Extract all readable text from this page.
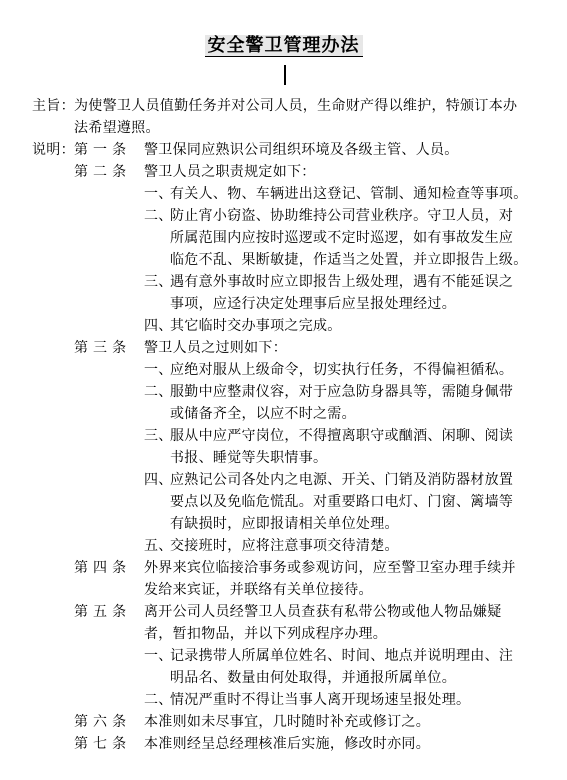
安全警卫管理办法
主旨： 为使警卫人员值勤任务并对公司人员，生命财产得以维护，特颁订本办
法希望遵照。
说明： 第 一 条 警卫保同应熟识公司组织环境及各级主管、人员。
第 二 条 警卫人员之职责规定如下：
一、
有关人、物、车辆进出这登记、管制、通知检查等事项。
二、
防止宵小窃盗、协助维持公司营业秩序。守卫人员，对
所属范围内应按时巡逻或不定时巡逻，如有事故发生应
临危不乱、果断敏捷，作适当之处置，并立即报告上级。
三、
遇有意外事故时应立即报告上级处理，遇有不能延误之
事项，应迳行决定处理事后应呈报处理经过。
四、
其它临时交办事项之完成。
第 三 条 警卫人员之过则如下：
一、
应绝对服从上级命令，切实执行任务，不得偏袒循私。
二、
服勤中应整肃仪容，对于应急防身器具等，需随身佩带
或储备齐全，以应不时之需。
三、
服从中应严守岗位，不得擅离职守或酗酒、闲聊、阅读
书报、睡觉等失职情事。
四、
应熟记公司各处内之电源、开关、门销及消防器材放置
要点以及免临危慌乱。对重要路口电灯、门窗、篱墙等
有缺损时，应即报请相关单位处理。
五、
交接班时，应将注意事项交待清楚。
第 四 条 外界来宾位临接洽事务或参观访问，应至警卫室办理手续并
发给来宾证，并联络有关单位接待。
第 五 条 离开公司人员经警卫人员查获有私带公物或他人物品嫌疑
者，暂扣物品，并以下列成程序办理。
一、
记录携带人所属单位姓名、时间、地点并说明理由、注
明品名、数量由何处取得，并通报所属单位。
二、
情况严重时不得让当事人离开现场速呈报处理。
第 六 条 本准则如未尽事宜，几时随时补充或修订之。
第 七 条 本准则经呈总经理核准后实施，修改时亦同。
